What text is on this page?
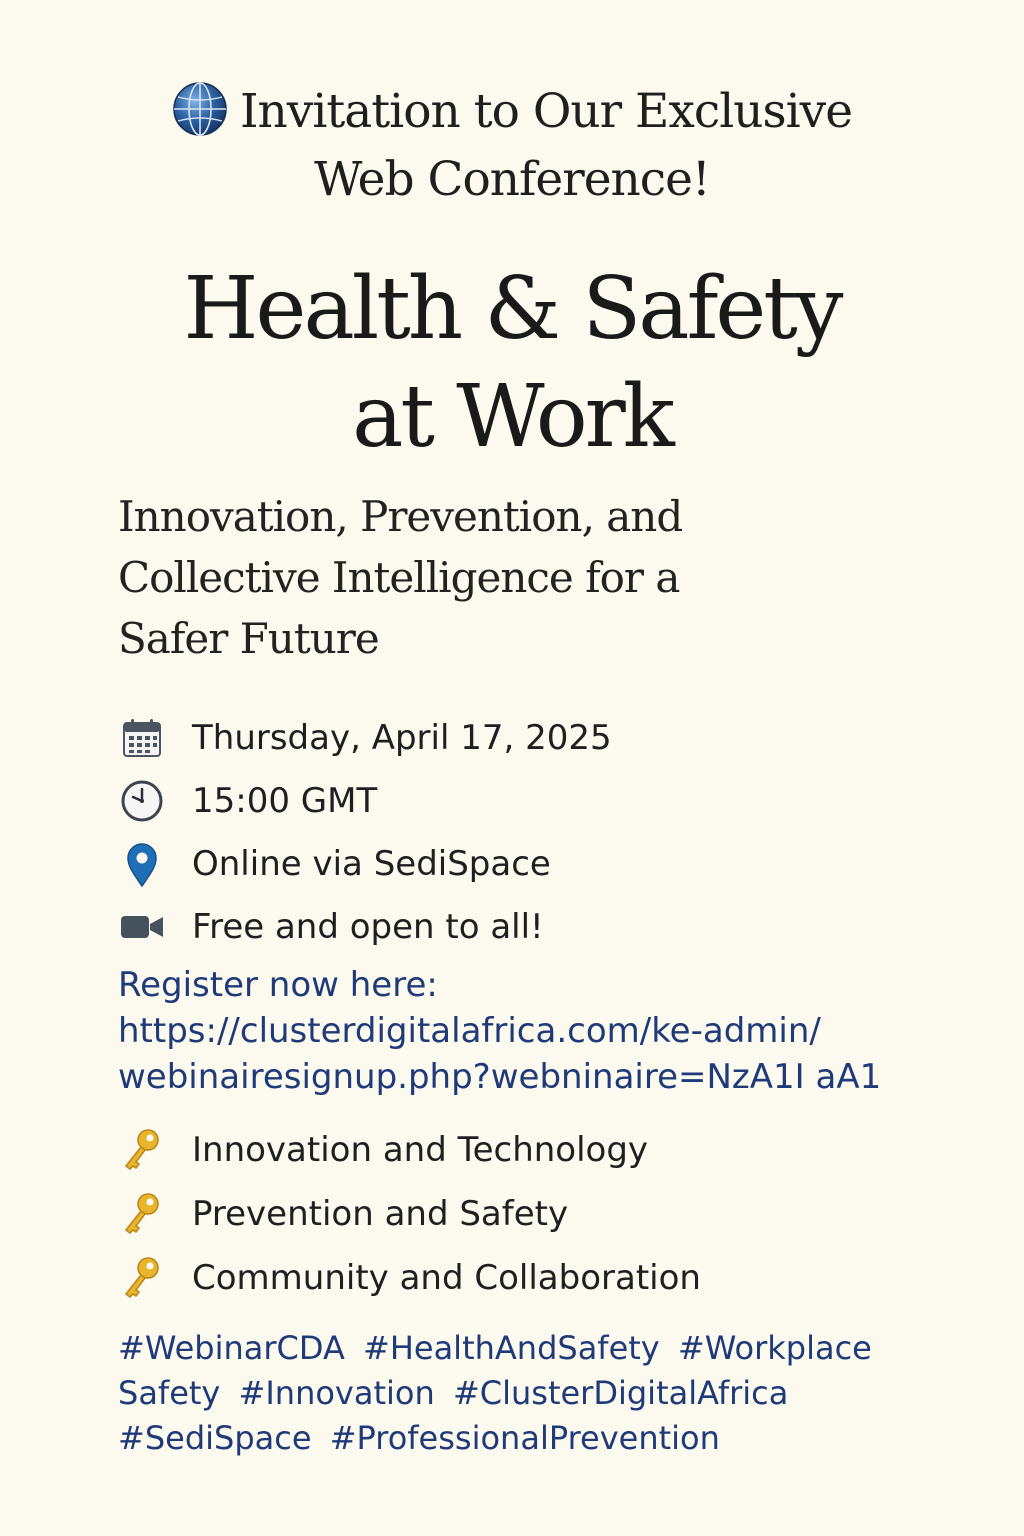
Invitation to Our Exclusive
Web Conference!
Health & Safety
at Work
Innovation, Prevention, and
Collective Intelligence for a
Safer Future
Thursday, April 17, 2025
15:00 GMT
Online via SediSpace
Free and open to all!
Register now here:
https://clusterdigitalafrica.com/ke-admin/
webinairesignup.php?webninaire=NzA1I aA1
Innovation and Technology
Prevention and Safety
Community and Collaboration
#WebinarCDA #HealthAndSafety #Workplace
Safety #Innovation #ClusterDigitalAfrica
#SediSpace #ProfessionalPrevention
